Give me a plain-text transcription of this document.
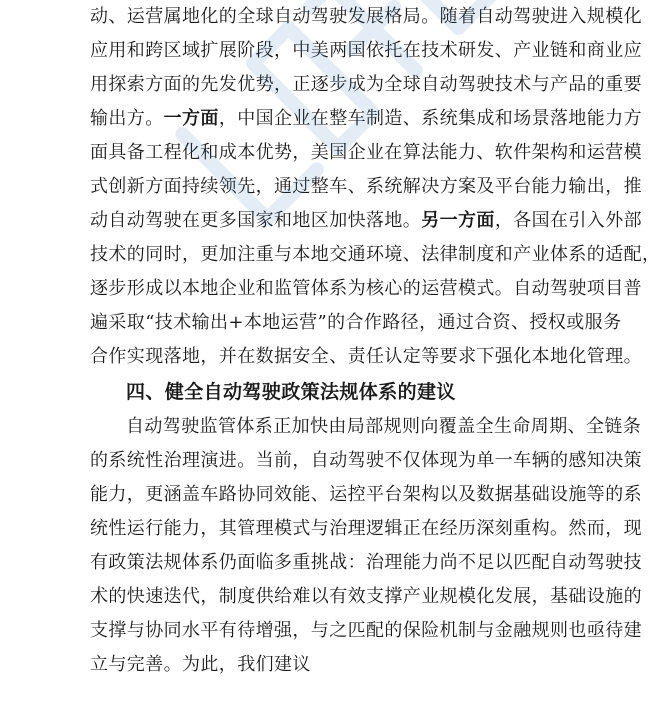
动、运营属地化的全球自动驾驶发展格局。随着自动驾驶进入规模化
应用和跨区域扩展阶段，中美两国依托在技术研发、产业链和商业应
用探索方面的先发优势，正逐步成为全球自动驾驶技术与产品的重要
输出方。一方面，中国企业在整车制造、系统集成和场景落地能力方
面具备工程化和成本优势，美国企业在算法能力、软件架构和运营模
式创新方面持续领先，通过整车、系统解决方案及平台能力输出，推
动自动驾驶在更多国家和地区加快落地。另一方面，各国在引入外部
技术的同时，更加注重与本地交通环境、法律制度和产业体系的适配，
逐步形成以本地企业和监管体系为核心的运营模式。自动驾驶项目普
遍采取“技术输出+本地运营”的合作路径，通过合资、授权或服务
合作实现落地，并在数据安全、责任认定等要求下强化本地化管理。
四、健全自动驾驶政策法规体系的建议
自动驾驶监管体系正加快由局部规则向覆盖全生命周期、全链条
的系统性治理演进。当前，自动驾驶不仅体现为单一车辆的感知决策
能力，更涵盖车路协同效能、运控平台架构以及数据基础设施等的系
统性运行能力，其管理模式与治理逻辑正在经历深刻重构。然而，现
有政策法规体系仍面临多重挑战：治理能力尚不足以匹配自动驾驶技
术的快速迭代，制度供给难以有效支撑产业规模化发展，基础设施的
支撑与协同水平有待增强，与之匹配的保险机制与金融规则也亟待建
立与完善。为此，我们建议
